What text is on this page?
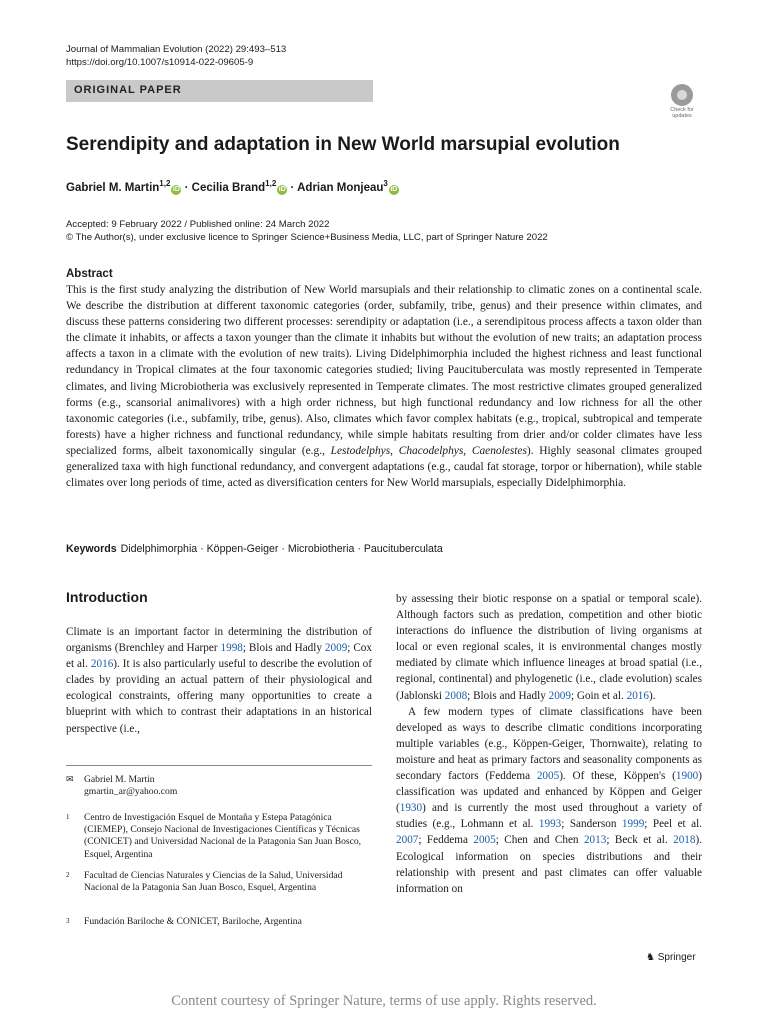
Journal of Mammalian Evolution (2022) 29:493–513
https://doi.org/10.1007/s10914-022-09605-9
ORIGINAL PAPER
Check for
updates
Serendipity and adaptation in New World marsupial evolution
Gabriel M. Martin$^{1,2}$iD · Cecilia Brand$^{1,2}$iD · Adrian Monjeau$^3$iD
Accepted: 9 February 2022 / Published online: 24 March 2022
© The Author(s), under exclusive licence to Springer Science+Business Media, LLC, part of Springer Nature 2022
Abstract
This is the first study analyzing the distribution of New World marsupials and their relationship to climatic zones on a continental scale. We describe the distribution at different taxonomic categories (order, subfamily, tribe, genus) and their presence within climates, and discuss these patterns considering two different processes: serendipity or adaptation (i.e., a serendipitous process affects a taxon older than the climate it inhabits, or affects a taxon younger than the climate it inhabits but without the evolution of new traits; an adaptation process affects a taxon in a climate with the evolution of new traits). Living Didelphimorphia included the highest richness and least functional redundancy in Tropical climates at the four taxonomic categories studied; living Paucituberculata was mostly represented in Temperate climates, and living Microbiotheria was exclusively represented in Temperate climates. The most restrictive climates grouped generalized forms (e.g., scansorial animalivores) with a high order richness, but high functional redundancy and low richness for all the other taxonomic categories (i.e., subfamily, tribe, genus). Also, climates which favor complex habitats (e.g., tropical, subtropical and temperate forests) have a higher richness and functional redundancy, while simple habitats resulting from drier and/or colder climates have less specialized forms, albeit taxonomically singular (e.g., Lestodelphys, Chacodelphys, Caenolestes). Highly seasonal climates grouped generalized taxa with high functional redundancy, and convergent adaptations (e.g., caudal fat storage, torpor or hibernation), while stable climates over long periods of time, acted as diversification centers for New World marsupials, especially Didelphimorphia.
Keywords Didelphimorphia · Köppen-Geiger · Microbiotheria · Paucituberculata
Introduction
Climate is an important factor in determining the distribution of organisms (Brenchley and Harper 1998; Blois and Hadly 2009; Cox et al. 2016). It is also particularly useful to describe the evolution of clades by providing an actual pattern of their physiological and ecological constraints, offering many opportunities to create a blueprint with which to contrast their adaptations in an historical perspective (i.e.,

by assessing their biotic response on a spatial or temporal scale). Although factors such as predation, competition and other biotic interactions do influence the distribution of living organisms at local or even regional scales, it is environmental changes mostly mediated by climate which influence lineages at broad spatial (i.e., regional, continental) and phylogenetic (i.e., clade evolution) scales (Jablonski 2008; Blois and Hadly 2009; Goin et al. 2016).

A few modern types of climate classifications have been developed as ways to describe climatic conditions incorporating multiple variables (e.g., Köppen-Geiger, Thornwaite), relating to moisture and heat as primary factors and seasonality components as secondary factors (Feddema 2005). Of these, Köppen's (1900) classification was updated and enhanced by Köppen and Geiger (1930) and is currently the most used throughout a variety of studies (e.g., Lohmann et al. 1993; Sanderson 1999; Peel et al. 2007; Feddema 2005; Chen and Chen 2013; Beck et al. 2018). Ecological information on species distributions and their relationship with present and past climates can offer valuable information on

✉ Gabriel M. Martin
gmartin_ar@yahoo.com
1	Centro de Investigación Esquel de Montaña y Estepa Patagónica (CIEMEP), Consejo Nacional de Investigaciones Científicas y Técnicas (CONICET) and Universidad Nacional de la Patagonia San Juan Bosco, Esquel, Argentina
2	Facultad de Ciencias Naturales y Ciencias de la Salud, Universidad Nacional de la Patagonia San Juan Bosco, Esquel, Argentina
3	Fundación Bariloche & CONICET, Bariloche, Argentina
♞ Springer
Content courtesy of Springer Nature, terms of use apply. Rights reserved.
